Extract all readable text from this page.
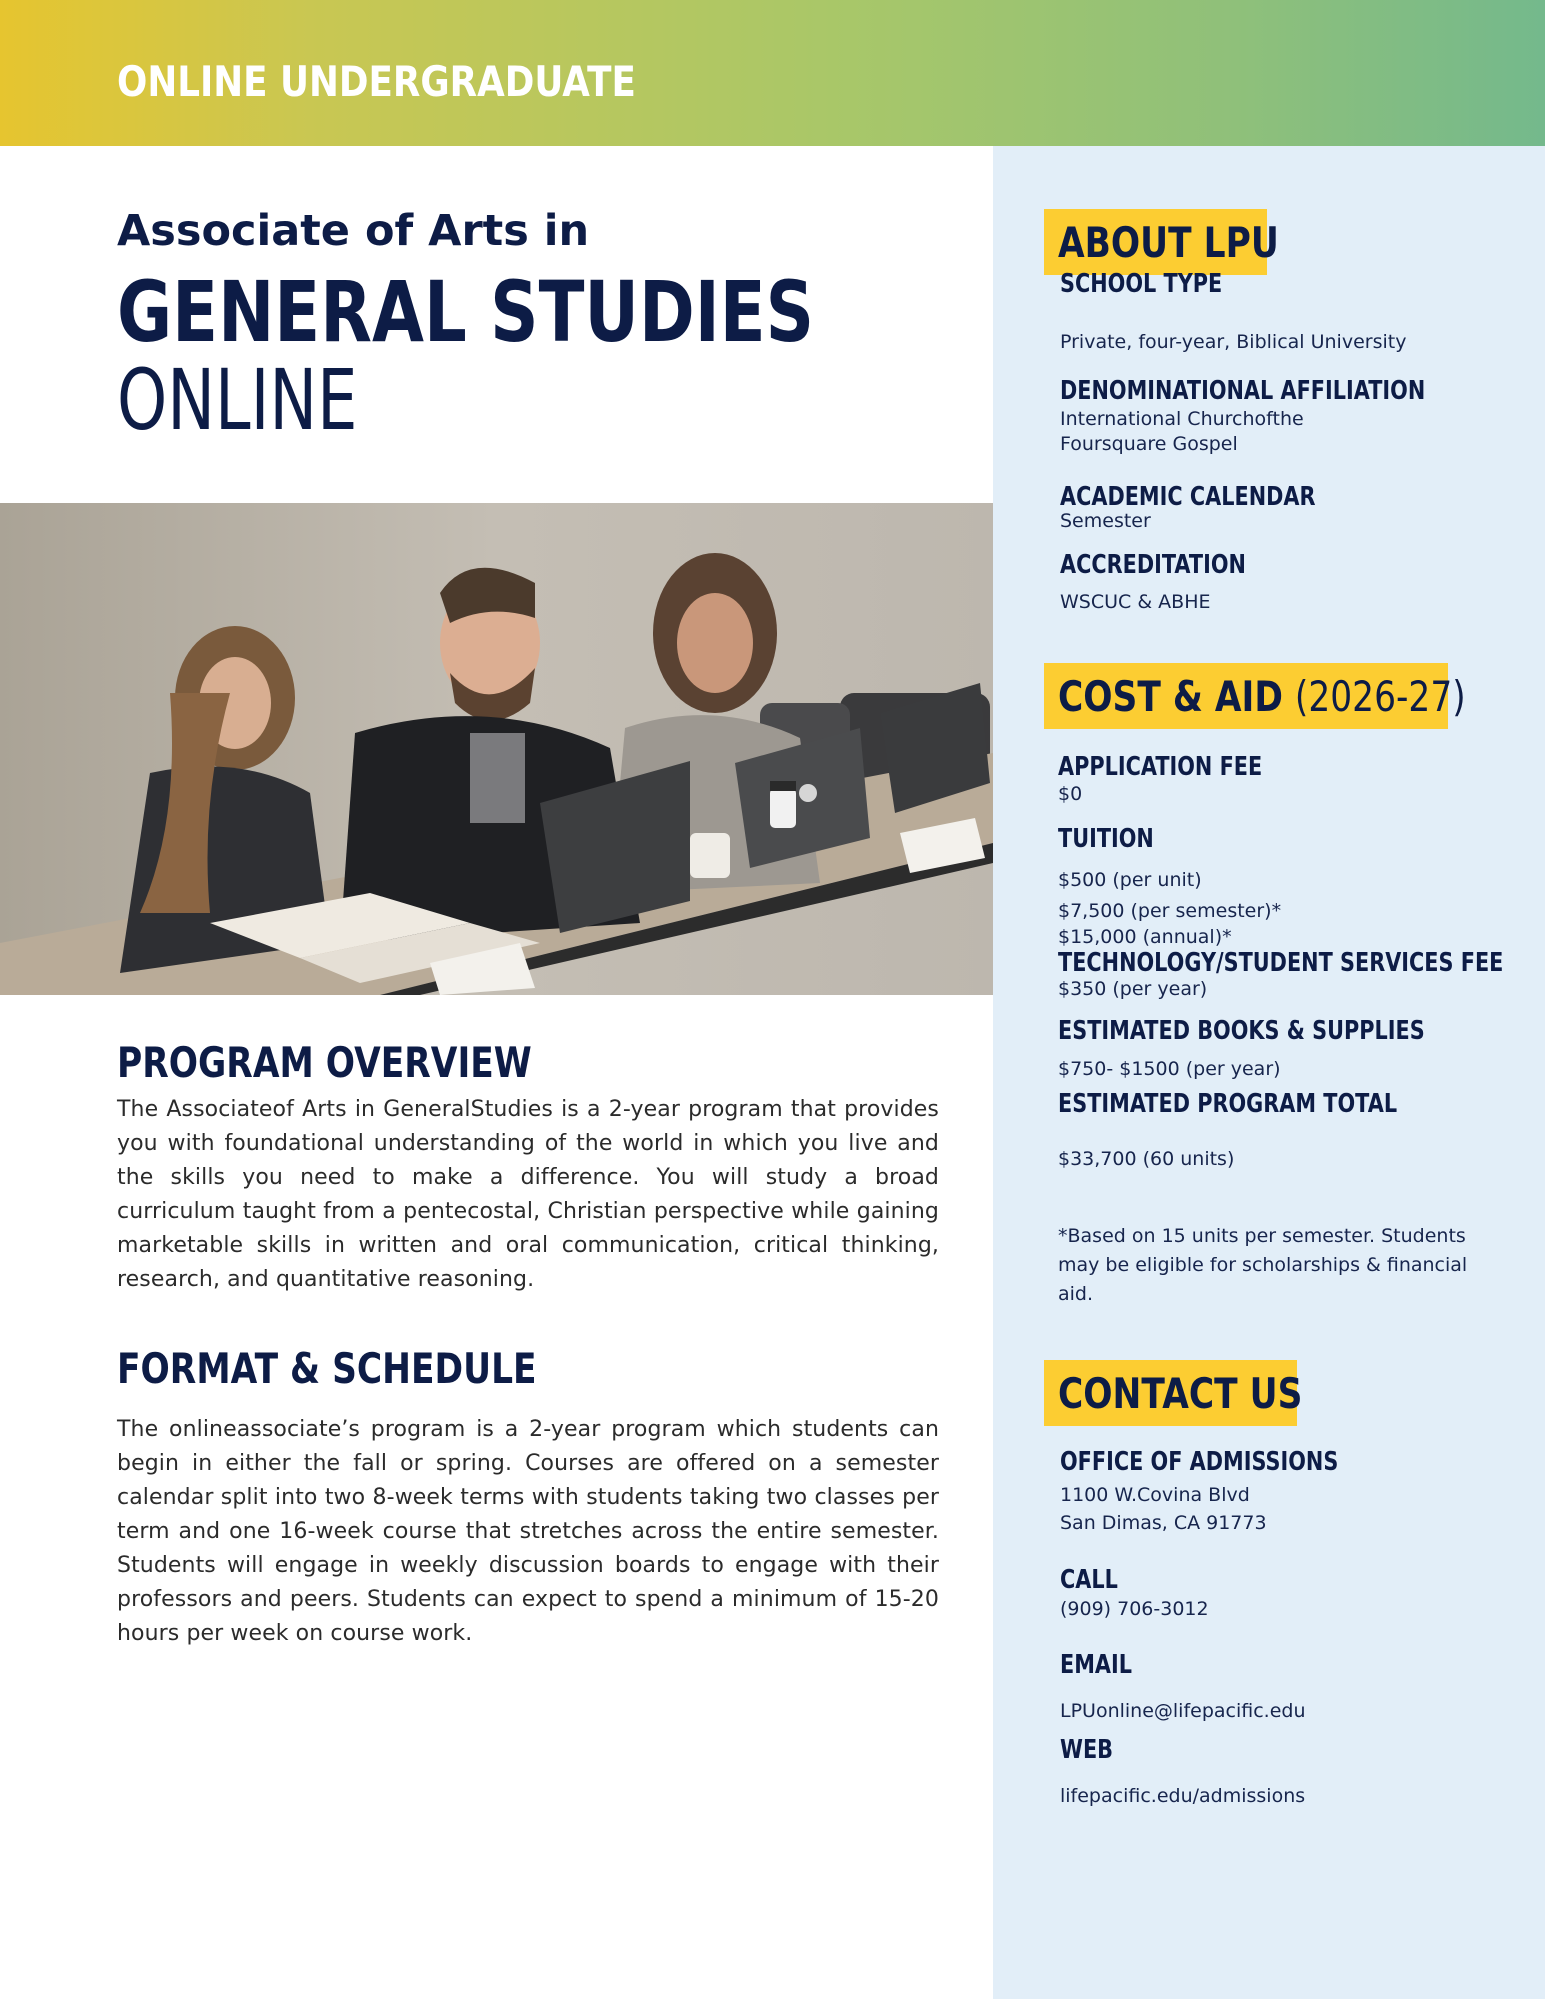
ONLINE UNDERGRADUATE
Associate of Arts in
GENERAL STUDIES
ONLINE
PROGRAM OVERVIEW

The Associateof Arts in GeneralStudies is a 2-year program that provides you with foundational understanding of the world in which you live and the skills you need to make a difference. You will study a broad curriculum taught from a pentecostal, Christian perspective while gaining marketable skills in written and oral communication, critical thinking, research, and quantitative reasoning.

FORMAT & SCHEDULE

The onlineassociate’s program is a 2-year program which students can begin in either the fall or spring. Courses are offered on a semester calendar split into two 8-week terms with students taking two classes per term and one 16-week course that stretches across the entire semester. Students will engage in weekly discussion boards to engage with their professors and peers. Students can expect to spend a minimum of 15-20 hours per week on course work.

ABOUT LPU
SCHOOL TYPE
Private, four-year, Biblical University
DENOMINATIONAL AFFILIATION
International Churchofthe
Foursquare Gospel
ACADEMIC CALENDAR
Semester
ACCREDITATION
WSCUC & ABHE
COST & AID (2026-27)
APPLICATION FEE
$0
TUITION
$500 (per unit)
$7,500 (per semester)*
$15,000 (annual)*
TECHNOLOGY/STUDENT SERVICES FEE
$350 (per year)
ESTIMATED BOOKS & SUPPLIES
$750- $1500 (per year)
ESTIMATED PROGRAM TOTAL
$33,700 (60 units)

*Based on 15 units per semester. Students may be eligible for scholarships & financial aid.

CONTACT US
OFFICE OF ADMISSIONS
1100 W.Covina Blvd
San Dimas, CA 91773
CALL
(909) 706-3012
EMAIL
LPUonline@lifepacific.edu
WEB
lifepacific.edu/admissions
